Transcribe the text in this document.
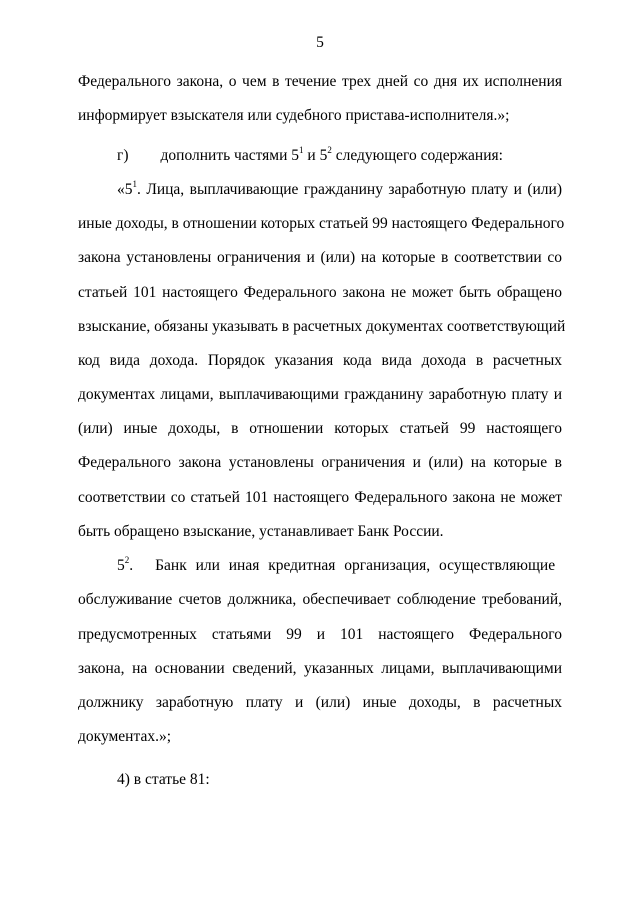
5
Федерального закона, о чем в течение трех дней со дня их исполнения
информирует взыскателя или судебного пристава-исполнителя.»;
г) дополнить частями $5^1$ и $5^2$ следующего содержания:
«$5^1$. Лица, выплачивающие гражданину заработную плату и (или)
иные доходы, в отношении которых статьей 99 настоящего Федерального
закона установлены ограничения и (или) на которые в соответствии со
статьей 101 настоящего Федерального закона не может быть обращено
взыскание, обязаны указывать в расчетных документах соответствующий
код вида дохода. Порядок указания кода вида дохода в расчетных
документах лицами, выплачивающими гражданину заработную плату и
(или) иные доходы, в отношении которых статьей 99 настоящего
Федерального закона установлены ограничения и (или) на которые в
соответствии со статьей 101 настоящего Федерального закона не может
быть обращено взыскание, устанавливает Банк России.
$5^2$. Банк или иная кредитная организация, осуществляющие
обслуживание счетов должника, обеспечивает соблюдение требований,
предусмотренных статьями 99 и 101 настоящего Федерального
закона, на основании сведений, указанных лицами, выплачивающими
должнику заработную плату и (или) иные доходы, в расчетных
документах.»;
4) в статье 81:
